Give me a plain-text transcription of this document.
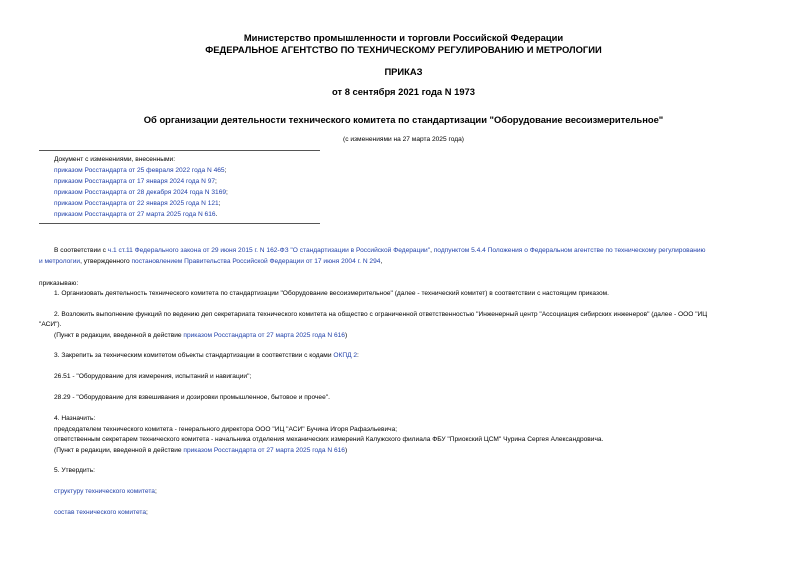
Министерство промышленности и торговли Российской Федерации
ФЕДЕРАЛЬНОЕ АГЕНТСТВО ПО ТЕХНИЧЕСКОМУ РЕГУЛИРОВАНИЮ И МЕТРОЛОГИИ
ПРИКАЗ
от 8 сентября 2021 года N 1973
Об организации деятельности технического комитета по стандартизации "Оборудование весоизмерительное"
(с изменениями на 27 марта 2025 года)
Документ с изменениями, внесенными:
приказом Росстандарта от 25 февраля 2022 года N 465;
приказом Росстандарта от 17 января 2024 года N 97;
приказом Росстандарта от 28 декабря 2024 года N 3169;
приказом Росстандарта от 22 января 2025 года N 121;
приказом Росстандарта от 27 марта 2025 года N 616.
В соответствии с ч.1 ст.11 Федерального закона от 29 июня 2015 г. N 162-ФЗ "О стандартизации в Российской Федерации", подпунктом 5.4.4 Положения о Федеральном агентстве по техническому регулированию
и метрологии, утвержденного постановлением Правительства Российской Федерации от 17 июня 2004 г. N 294,
приказываю:
1. Организовать деятельность технического комитета по стандартизации "Оборудование весоизмерительное" (далее - технический комитет) в соответствии с настоящим приказом.
2. Возложить выполнение функций по ведению деп секретариата технического комитета на общество с ограниченной ответственностью "Инженерный центр "Ассоциация сибирских инженеров" (далее - ООО "ИЦ
"АСИ").
(Пункт в редакции, введенной в действие приказом Росстандарта от 27 марта 2025 года N 616)
3. Закрепить за техническим комитетом объекты стандартизации в соответствии с кодами ОКПД 2:
26.51 - "Оборудование для измерения, испытаний и навигации";
28.29 - "Оборудование для взвешивания и дозировки промышленное, бытовое и прочее".
4. Назначить:
председателем технического комитета - генерального директора ООО "ИЦ "АСИ" Бучина Игоря Рафаэльевича;
ответственным секретарем технического комитета - начальника отделения механических измерений Калужского филиала ФБУ "Приокский ЦСМ" Чурина Сергея Александровича.
(Пункт в редакции, введенной в действие приказом Росстандарта от 27 марта 2025 года N 616)
5. Утвердить:
структуру технического комитета;
состав технического комитета;
